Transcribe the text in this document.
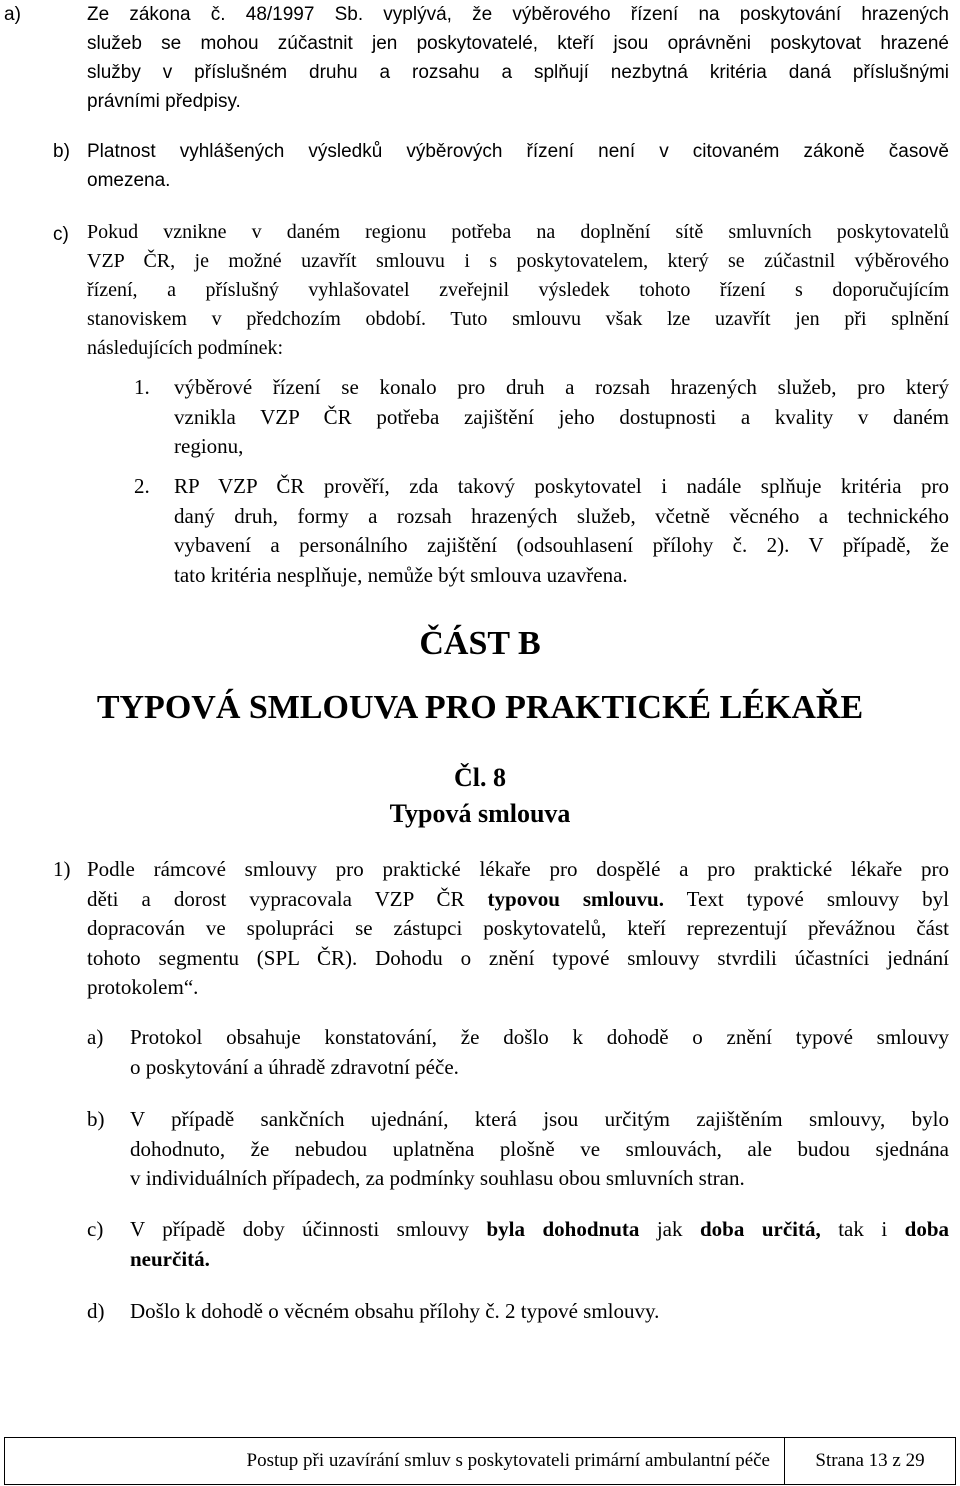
a)	Ze zákona č. 48/1997 Sb. vyplývá, že výběrového řízení na poskytování hrazených
služeb se mohou zúčastnit jen poskytovatelé, kteří jsou oprávněni poskytovat hrazené
služby v příslušném druhu a rozsahu a splňují nezbytná kritéria daná příslušnými
právními předpisy.
b) Platnost vyhlášených výsledků výběrových řízení není v citovaném zákoně časově
omezena.
c) Pokud vznikne v daném regionu potřeba na doplnění sítě smluvních poskytovatelů
VZP ČR, je možné uzavřít smlouvu i s poskytovatelem, který se zúčastnil výběrového
řízení, a příslušný vyhlašovatel zveřejnil výsledek tohoto řízení s doporučujícím
stanoviskem v předchozím období. Tuto smlouvu však lze uzavřít jen při splnění
následujících podmínek:
1. výběrové řízení se konalo pro druh a rozsah hrazených služeb, pro který
vznikla VZP ČR potřeba zajištění jeho dostupnosti a kvality v daném
regionu,
2. RP VZP ČR prověří, zda takový poskytovatel i nadále splňuje kritéria pro
daný druh, formy a rozsah hrazených služeb, včetně věcného a technického
vybavení a personálního zajištění (odsouhlasení přílohy č. 2). V případě, že
tato kritéria nesplňuje, nemůže být smlouva uzavřena.
ČÁST B
TYPOVÁ SMLOUVA PRO PRAKTICKÉ LÉKAŘE
Čl. 8
Typová smlouva
1) Podle rámcové smlouvy pro praktické lékaře pro dospělé a pro praktické lékaře pro
děti a dorost vypracovala VZP ČR typovou smlouvu. Text typové smlouvy byl
dopracován ve spolupráci se zástupci poskytovatelů, kteří reprezentují převážnou část
tohoto segmentu (SPL ČR). Dohodu o znění typové smlouvy stvrdili účastníci jednání
protokolem“.
a) Protokol obsahuje konstatování, že došlo k dohodě o znění typové smlouvy
o poskytování a úhradě zdravotní péče.
b) V případě sankčních ujednání, která jsou určitým zajištěním smlouvy, bylo
dohodnuto, že nebudou uplatněna plošně ve smlouvách, ale budou sjednána
v individuálních případech, za podmínky souhlasu obou smluvních stran.
c) V případě doby účinnosti smlouvy byla dohodnuta jak doba určitá, tak i doba
neurčitá.
d) Došlo k dohodě o věcném obsahu přílohy č. 2 typové smlouvy.
Postup při uzavírání smluv s poskytovateli primární ambulantní péče	Strana 13 z 29
